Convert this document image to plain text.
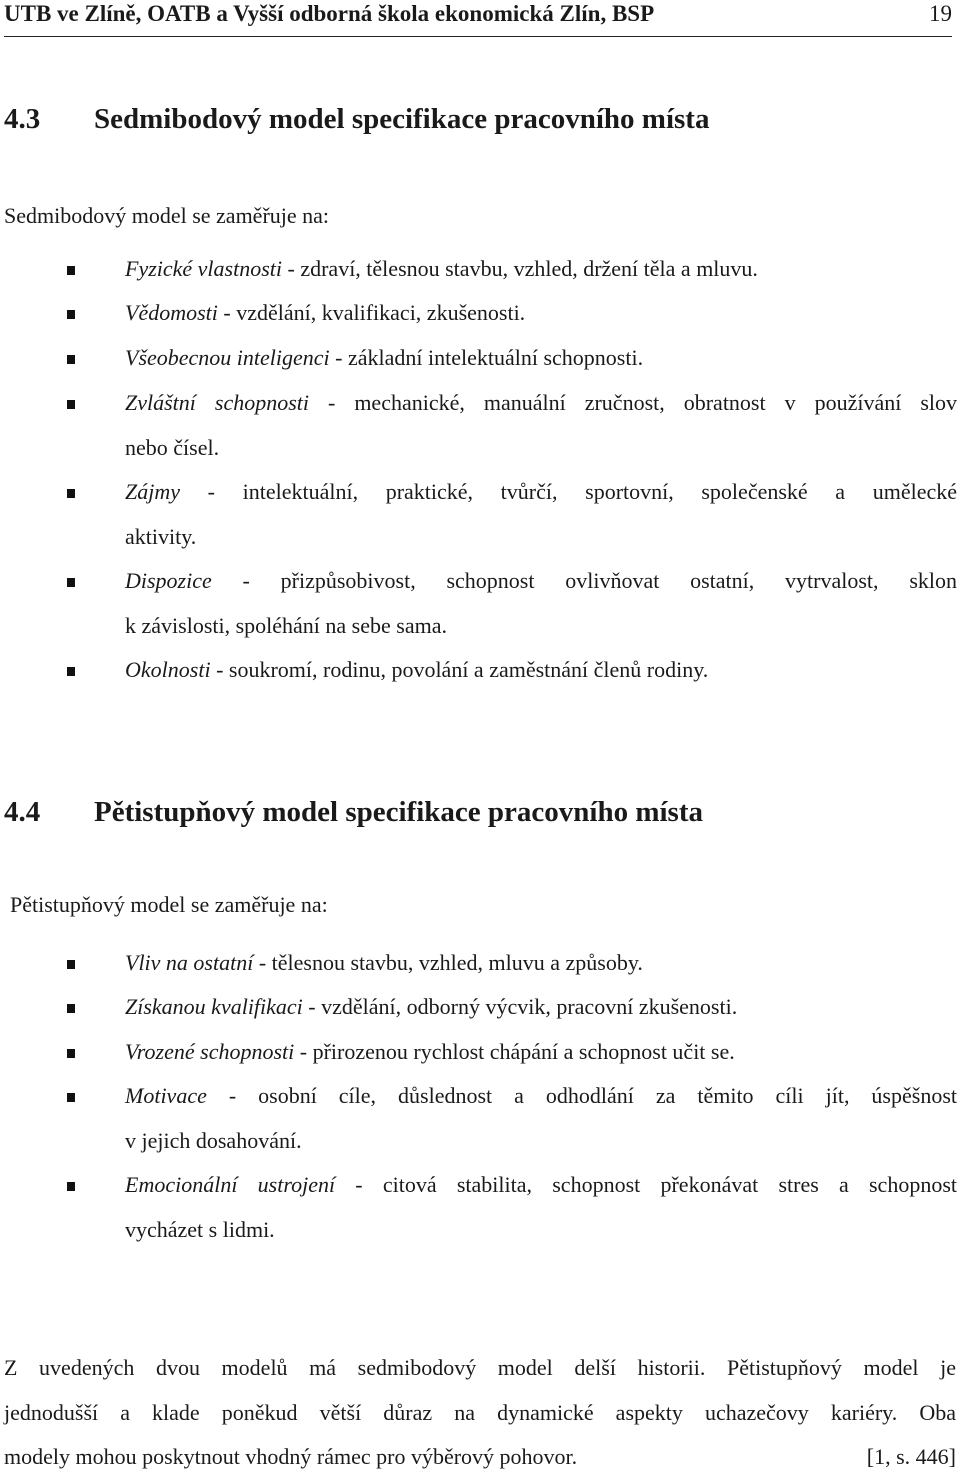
UTB ve Zlíně, OATB a Vyšší odborná škola ekonomická Zlín, BSP	19
4.3 Sedmibodový model specifikace pracovního místa
Sedmibodový model se zaměřuje na:
Fyzické vlastnosti - zdraví, tělesnou stavbu, vzhled, držení těla a mluvu.
Vědomosti - vzdělání, kvalifikaci, zkušenosti.
Všeobecnou inteligenci - základní intelektuální schopnosti.
Zvláštní schopnosti - mechanické, manuální zručnost, obratnost v používání slov
nebo čísel.
Zájmy - intelektuální, praktické, tvůrčí, sportovní, společenské a umělecké
aktivity.
Dispozice - přizpůsobivost, schopnost ovlivňovat ostatní, vytrvalost, sklon
k závislosti, spoléhání na sebe sama.
Okolnosti - soukromí, rodinu, povolání a zaměstnání členů rodiny.
4.4 Pětistupňový model specifikace pracovního místa
Pětistupňový model se zaměřuje na:
Vliv na ostatní - tělesnou stavbu, vzhled, mluvu a způsoby.
Získanou kvalifikaci - vzdělání, odborný výcvik, pracovní zkušenosti.
Vrozené schopnosti - přirozenou rychlost chápání a schopnost učit se.
Motivace - osobní cíle, důslednost a odhodlání za těmito cíli jít, úspěšnost
v jejich dosahování.
Emocionální ustrojení - citová stabilita, schopnost překonávat stres a schopnost
vycházet s lidmi.
Z uvedených dvou modelů má sedmibodový model delší historii. Pětistupňový model je
jednodušší a klade poněkud větší důraz na dynamické aspekty uchazečovy kariéry. Oba
modely mohou poskytnout vhodný rámec pro výběrový pohovor.	[1, s. 446]
